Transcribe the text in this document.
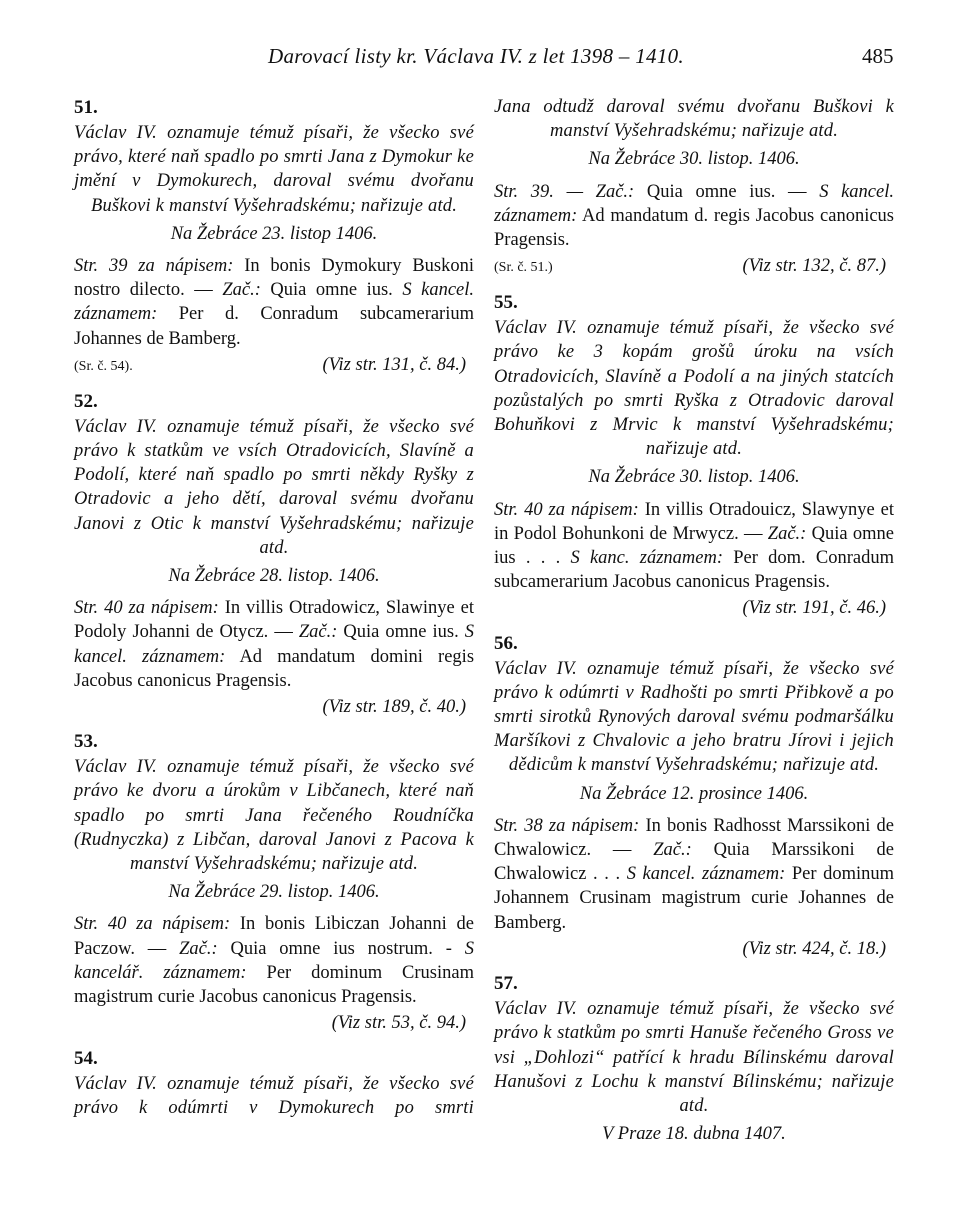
Darovací listy kr. Václava IV. z let 1398 – 1410.	485
51.
Václav IV. oznamuje témuž písaři, že všecko své právo, které naň spadlo po smrti Jana z Dymokur ke jmění v Dymokurech, daroval svému dvořanu Buškovi k manství Vyšehradskému; nařizuje atd.
Na Žebráce 23. listop 1406.
Str. 39 za nápisem: In bonis Dymokury Buskoni nostro dilecto. — Zač.: Quia omne ius. S kancel. záznamem: Per d. Conradum subcamerarium Johannes de Bamberg.
(Sr. č. 54).	(Viz str. 131, č. 84.)
52.
Václav IV. oznamuje témuž písaři, že všecko své právo k statkům ve vsích Otradovicích, Slavíně a Podolí, které naň spadlo po smrti někdy Ryšky z Otradovic a jeho dětí, daroval svému dvořanu Janovi z Otic k manství Vyšehradskému; nařizuje atd.
Na Žebráce 28. listop. 1406.
Str. 40 za nápisem: In villis Otradowicz, Slawinye et Podoly Johanni de Otycz. — Zač.: Quia omne ius. S kancel. záznamem: Ad mandatum domini regis Jacobus canonicus Pragensis.
(Viz str. 189, č. 40.)
53.
Václav IV. oznamuje témuž písaři, že všecko své právo ke dvoru a úrokům v Libčanech, které naň spadlo po smrti Jana řečeného Roudníčka (Rudnyczka) z Libčan, daroval Janovi z Pacova k manství Vyšehradskému; nařizuje atd.
Na Žebráce 29. listop. 1406.
Str. 40 za nápisem: In bonis Libiczan Johanni de Paczow. — Zač.: Quia omne ius nostrum. - S kancelář. záznamem: Per dominum Crusinam magistrum curie Jacobus canonicus Pragensis.
(Viz str. 53, č. 94.)
54.
Václav IV. oznamuje témuž písaři, že všecko své právo k odúmrti v Dymokurech po smrti
Jana odtudž daroval svému dvořanu Buškovi k manství Vyšehradskému; nařizuje atd.
Na Žebráce 30. listop. 1406.
Str. 39. — Zač.: Quia omne ius. — S kancel. záznamem: Ad mandatum d. regis Jacobus canonicus Pragensis.
(Sr. č. 51.)	(Viz str. 132, č. 87.)
55.
Václav IV. oznamuje témuž písaři, že všecko své právo ke 3 kopám grošů úroku na vsích Otradovicích, Slavíně a Podolí a na jiných statcích pozůstalých po smrti Ryška z Otradovic daroval Bohuňkovi z Mrvic k manství Vyšehradskému; nařizuje atd.
Na Žebráce 30. listop. 1406.
Str. 40 za nápisem: In villis Otradouicz, Slawynye et in Podol Bohunkoni de Mrwycz. — Zač.: Quia omne ius . . . S kanc. záznamem: Per dom. Conradum subcamerarium Jacobus canonicus Pragensis.
(Viz str. 191, č. 46.)
56.
Václav IV. oznamuje témuž písaři, že všecko své právo k odúmrti v Radhošti po smrti Přibkově a po smrti sirotků Rynových daroval svému podmaršálku Maršíkovi z Chvalovic a jeho bratru Jírovi i jejich dědicům k manství Vyšehradskému; nařizuje atd.
Na Žebráce 12. prosince 1406.
Str. 38 za nápisem: In bonis Radhosst Marssikoni de Chwalowicz. — Zač.: Quia Marssikoni de Chwalowicz . . . S kancel. záznamem: Per dominum Johannem Crusinam magistrum curie Johannes de Bamberg.
(Viz str. 424, č. 18.)
57.
Václav IV. oznamuje témuž písaři, že všecko své právo k statkům po smrti Hanuše řečeného Gross ve vsi „Dohlozi“ patřící k hradu Bílinskému daroval Hanušovi z Lochu k manství Bílinskému; nařizuje atd.
V Praze 18. dubna 1407.
